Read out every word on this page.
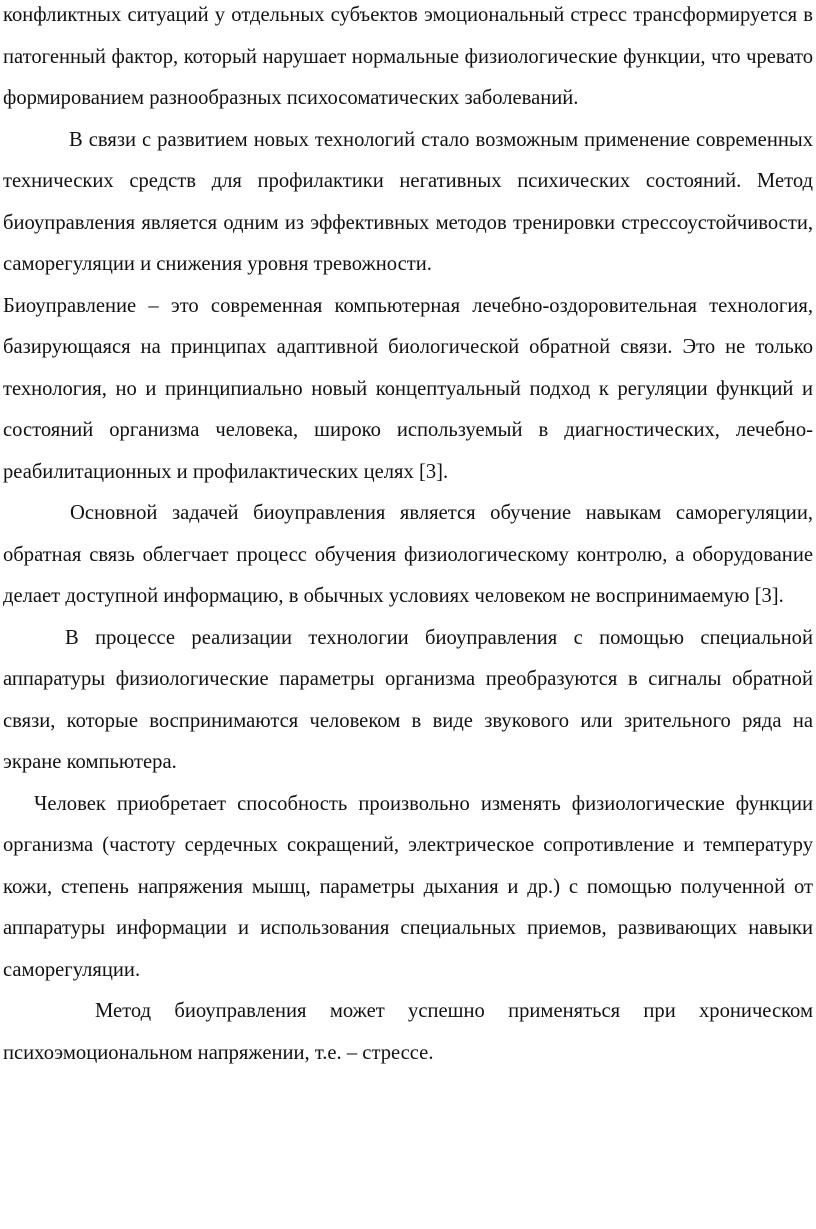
конфликтных ситуаций у отдельных субъектов эмоциональный стресс трансформируется в патогенный фактор, который нарушает нормальные физиологические функции, что чревато формированием разнообразных психосоматических заболеваний.

В связи с развитием новых технологий стало возможным применение современных технических средств для профилактики негативных психических состояний. Метод биоуправления является одним из эффективных методов тренировки стрессоустойчивости, саморегуляции и снижения уровня тревожности.

Биоуправление – это современная компьютерная лечебно-оздоровительная технология, базирующаяся на принципах адаптивной биологической обратной связи. Это не только технология, но и принципиально новый концептуальный подход к регуляции функций и состояний организма человека, широко используемый в диагностических, лечебно-реабилитационных и профилактических целях [3].

Основной задачей биоуправления является обучение навыкам саморегуляции, обратная связь облегчает процесс обучения физиологическому контролю, а оборудование делает доступной информацию, в обычных условиях человеком не воспринимаемую [3].

В процессе реализации технологии биоуправления с помощью специальной аппаратуры физиологические параметры организма преобразуются в сигналы обратной связи, которые воспринимаются человеком в виде звукового или зрительного ряда на экране компьютера.

Человек приобретает способность произвольно изменять физиологические функции организма (частоту сердечных сокращений, электрическое сопротивление и температуру кожи, степень напряжения мышц, параметры дыхания и др.) с помощью полученной от аппаратуры информации и использования специальных приемов, развивающих навыки саморегуляции.

Метод биоуправления может успешно применяться при хроническом психоэмоциональном напряжении, т.е. – стрессе.
